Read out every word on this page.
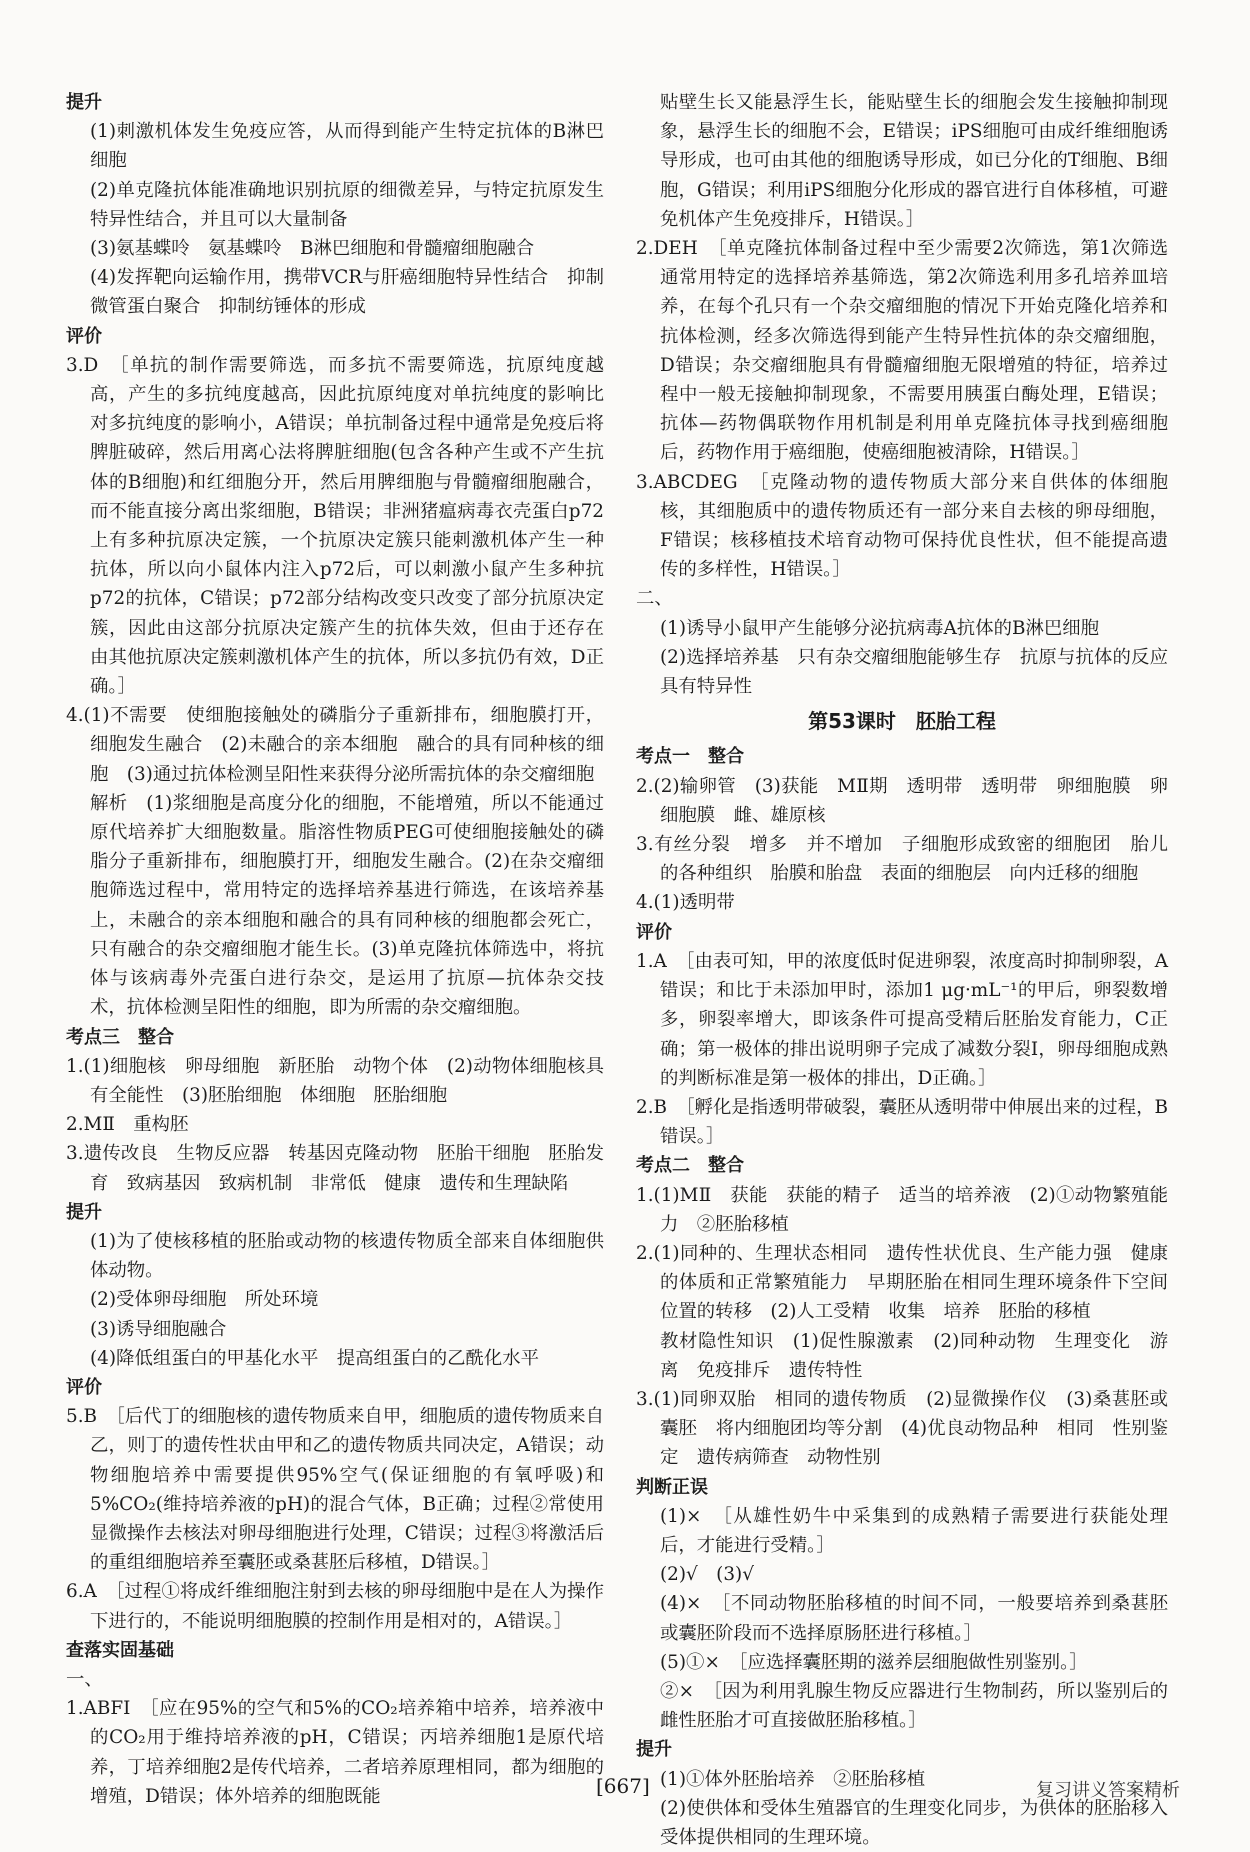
提升
(1)刺激机体发生免疫应答，从而得到能产生特定抗体的B淋巴细胞
(2)单克隆抗体能准确地识别抗原的细微差异，与特定抗原发生特异性结合，并且可以大量制备
(3)氨基蝶呤　氨基蝶呤　B淋巴细胞和骨髓瘤细胞融合
(4)发挥靶向运输作用，携带VCR与肝癌细胞特异性结合　抑制微管蛋白聚合　抑制纺锤体的形成
评价
3.D　［单抗的制作需要筛选，而多抗不需要筛选，抗原纯度越高，产生的多抗纯度越高，因此抗原纯度对单抗纯度的影响比对多抗纯度的影响小，A错误；单抗制备过程中通常是免疫后将脾脏破碎，然后用离心法将脾脏细胞(包含各种产生或不产生抗体的B细胞)和红细胞分开，然后用脾细胞与骨髓瘤细胞融合，而不能直接分离出浆细胞，B错误；非洲猪瘟病毒衣壳蛋白p72上有多种抗原决定簇，一个抗原决定簇只能刺激机体产生一种抗体，所以向小鼠体内注入p72后，可以刺激小鼠产生多种抗p72的抗体，C错误；p72部分结构改变只改变了部分抗原决定簇，因此由这部分抗原决定簇产生的抗体失效，但由于还存在由其他抗原决定簇刺激机体产生的抗体，所以多抗仍有效，D正确。］
4.(1)不需要　使细胞接触处的磷脂分子重新排布，细胞膜打开，细胞发生融合　(2)未融合的亲本细胞　融合的具有同种核的细胞　(3)通过抗体检测呈阳性来获得分泌所需抗体的杂交瘤细胞
解析　(1)浆细胞是高度分化的细胞，不能增殖，所以不能通过原代培养扩大细胞数量。脂溶性物质PEG可使细胞接触处的磷脂分子重新排布，细胞膜打开，细胞发生融合。(2)在杂交瘤细胞筛选过程中，常用特定的选择培养基进行筛选，在该培养基上，未融合的亲本细胞和融合的具有同种核的细胞都会死亡，只有融合的杂交瘤细胞才能生长。(3)单克隆抗体筛选中，将抗体与该病毒外壳蛋白进行杂交，是运用了抗原—抗体杂交技术，抗体检测呈阳性的细胞，即为所需的杂交瘤细胞。
考点三　整合
1.(1)细胞核　卵母细胞　新胚胎　动物个体　(2)动物体细胞核具有全能性　(3)胚胎细胞　体细胞　胚胎细胞
2.MⅡ　重构胚
3.遗传改良　生物反应器　转基因克隆动物　胚胎干细胞　胚胎发育　致病基因　致病机制　非常低　健康　遗传和生理缺陷
提升
(1)为了使核移植的胚胎或动物的核遗传物质全部来自体细胞供体动物。
(2)受体卵母细胞　所处环境
(3)诱导细胞融合
(4)降低组蛋白的甲基化水平　提高组蛋白的乙酰化水平
评价
5.B　［后代丁的细胞核的遗传物质来自甲，细胞质的遗传物质来自乙，则丁的遗传性状由甲和乙的遗传物质共同决定，A错误；动物细胞培养中需要提供95%空气(保证细胞的有氧呼吸)和5%CO₂(维持培养液的pH)的混合气体，B正确；过程②常使用显微操作去核法对卵母细胞进行处理，C错误；过程③将激活后的重组细胞培养至囊胚或桑葚胚后移植，D错误。］
6.A　［过程①将成纤维细胞注射到去核的卵母细胞中是在人为操作下进行的，不能说明细胞膜的控制作用是相对的，A错误。］
查落实固基础
一、
1.ABFI　［应在95%的空气和5%的CO₂培养箱中培养，培养液中的CO₂用于维持培养液的pH，C错误；丙培养细胞1是原代培养，丁培养细胞2是传代培养，二者培养原理相同，都为细胞的增殖，D错误；体外培养的细胞既能
贴壁生长又能悬浮生长，能贴壁生长的细胞会发生接触抑制现象，悬浮生长的细胞不会，E错误；iPS细胞可由成纤维细胞诱导形成，也可由其他的细胞诱导形成，如已分化的T细胞、B细胞，G错误；利用iPS细胞分化形成的器官进行自体移植，可避免机体产生免疫排斥，H错误。］
2.DEH　［单克隆抗体制备过程中至少需要2次筛选，第1次筛选通常用特定的选择培养基筛选，第2次筛选利用多孔培养皿培养，在每个孔只有一个杂交瘤细胞的情况下开始克隆化培养和抗体检测，经多次筛选得到能产生特异性抗体的杂交瘤细胞，D错误；杂交瘤细胞具有骨髓瘤细胞无限增殖的特征，培养过程中一般无接触抑制现象，不需要用胰蛋白酶处理，E错误；抗体—药物偶联物作用机制是利用单克隆抗体寻找到癌细胞后，药物作用于癌细胞，使癌细胞被清除，H错误。］
3.ABCDEG　［克隆动物的遗传物质大部分来自供体的体细胞核，其细胞质中的遗传物质还有一部分来自去核的卵母细胞，F错误；核移植技术培育动物可保持优良性状，但不能提高遗传的多样性，H错误。］
二、
(1)诱导小鼠甲产生能够分泌抗病毒A抗体的B淋巴细胞
(2)选择培养基　只有杂交瘤细胞能够生存　抗原与抗体的反应具有特异性
第53课时　胚胎工程
考点一　整合
2.(2)输卵管　(3)获能　MⅡ期　透明带　透明带　卵细胞膜　卵细胞膜　雌、雄原核
3.有丝分裂　增多　并不增加　子细胞形成致密的细胞团　胎儿的各种组织　胎膜和胎盘　表面的细胞层　向内迁移的细胞
4.(1)透明带
评价
1.A　［由表可知，甲的浓度低时促进卵裂，浓度高时抑制卵裂，A错误；和比于未添加甲时，添加1 μg·mL⁻¹的甲后，卵裂数增多，卵裂率增大，即该条件可提高受精后胚胎发育能力，C正确；第一极体的排出说明卵子完成了减数分裂Ⅰ，卵母细胞成熟的判断标准是第一极体的排出，D正确。］
2.B　［孵化是指透明带破裂，囊胚从透明带中伸展出来的过程，B错误。］
考点二　整合
1.(1)MⅡ　获能　获能的精子　适当的培养液　(2)①动物繁殖能力　②胚胎移植
2.(1)同种的、生理状态相同　遗传性状优良、生产能力强　健康的体质和正常繁殖能力　早期胚胎在相同生理环境条件下空间位置的转移　(2)人工受精　收集　培养　胚胎的移植
教材隐性知识　(1)促性腺激素　(2)同种动物　生理变化　游离　免疫排斥　遗传特性
3.(1)同卵双胎　相同的遗传物质　(2)显微操作仪　(3)桑葚胚或囊胚　将内细胞团均等分割　(4)优良动物品种　相同　性别鉴定　遗传病筛查　动物性别
判断正误
(1)×　［从雄性奶牛中采集到的成熟精子需要进行获能处理后，才能进行受精。］
(2)√　(3)√
(4)×　［不同动物胚胎移植的时间不同，一般要培养到桑葚胚或囊胚阶段而不选择原肠胚进行移植。］
(5)①×　［应选择囊胚期的滋养层细胞做性别鉴别。］
②×　［因为利用乳腺生物反应器进行生物制药，所以鉴别后的雌性胚胎才可直接做胚胎移植。］
提升
(1)①体外胚胎培养　②胚胎移植
(2)使供体和受体生殖器官的生理变化同步，为供体的胚胎移入受体提供相同的生理环境。
[667]	复习讲义答案精析
